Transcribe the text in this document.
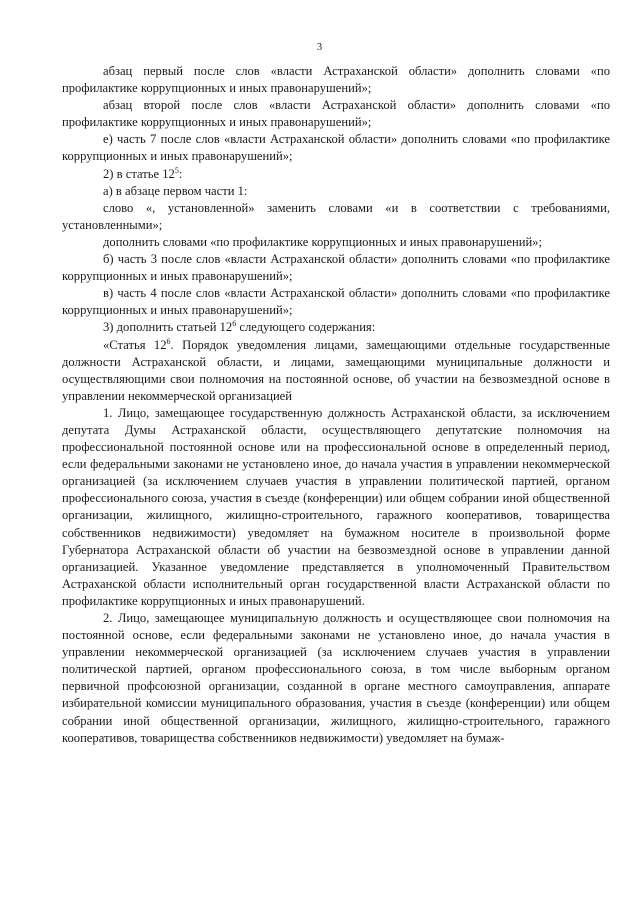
3

абзац первый после слов «власти Астраханской области» дополнить словами «по профилактике коррупционных и иных правонарушений»;

абзац второй после слов «власти Астраханской области» дополнить словами «по профилактике коррупционных и иных правонарушений»;

е) часть 7 после слов «власти Астраханской области» дополнить словами «по профилактике коррупционных и иных правонарушений»;

2) в статье $12^5$:

а) в абзаце первом части 1:

слово «, установленной» заменить словами «и в соответствии с требованиями, установленными»;

дополнить словами «по профилактике коррупционных и иных правонарушений»;

б) часть 3 после слов «власти Астраханской области» дополнить словами «по профилактике коррупционных и иных правонарушений»;

в) часть 4 после слов «власти Астраханской области» дополнить словами «по профилактике коррупционных и иных правонарушений»;

3) дополнить статьей $12^6$ следующего содержания:

«Статья $12^6$. Порядок уведомления лицами, замещающими отдельные государственные должности Астраханской области, и лицами, замещающими муниципальные должности и осуществляющими свои полномочия на постоянной основе, об участии на безвозмездной основе в управлении некоммерческой организацией

1. Лицо, замещающее государственную должность Астраханской области, за исключением депутата Думы Астраханской области, осуществляющего депутатские полномочия на профессиональной постоянной основе или на профессиональной основе в определенный период, если федеральными законами не установлено иное, до начала участия в управлении некоммерческой организацией (за исключением случаев участия в управлении политической партией, органом профессионального союза, участия в съезде (конференции) или общем собрании иной общественной организации, жилищного, жилищно-строительного, гаражного кооперативов, товарищества собственников недвижимости) уведомляет на бумажном носителе в произвольной форме Губернатора Астраханской области об участии на безвозмездной основе в управлении данной организацией. Указанное уведомление представляется в уполномоченный Правительством Астраханской области исполнительный орган государственной власти Астраханской области по профилактике коррупционных и иных правонарушений.

2. Лицо, замещающее муниципальную должность и осуществляющее свои полномочия на постоянной основе, если федеральными законами не установлено иное, до начала участия в управлении некоммерческой организацией (за исключением случаев участия в управлении политической партией, органом профессионального союза, в том числе выборным органом первичной профсоюзной организации, созданной в органе местного самоуправления, аппарате избирательной комиссии муниципального образования, участия в съезде (конференции) или общем собрании иной общественной организации, жилищного, жилищно-строительного, гаражного кооперативов, товарищества собственников недвижимости) уведомляет на бумаж-
